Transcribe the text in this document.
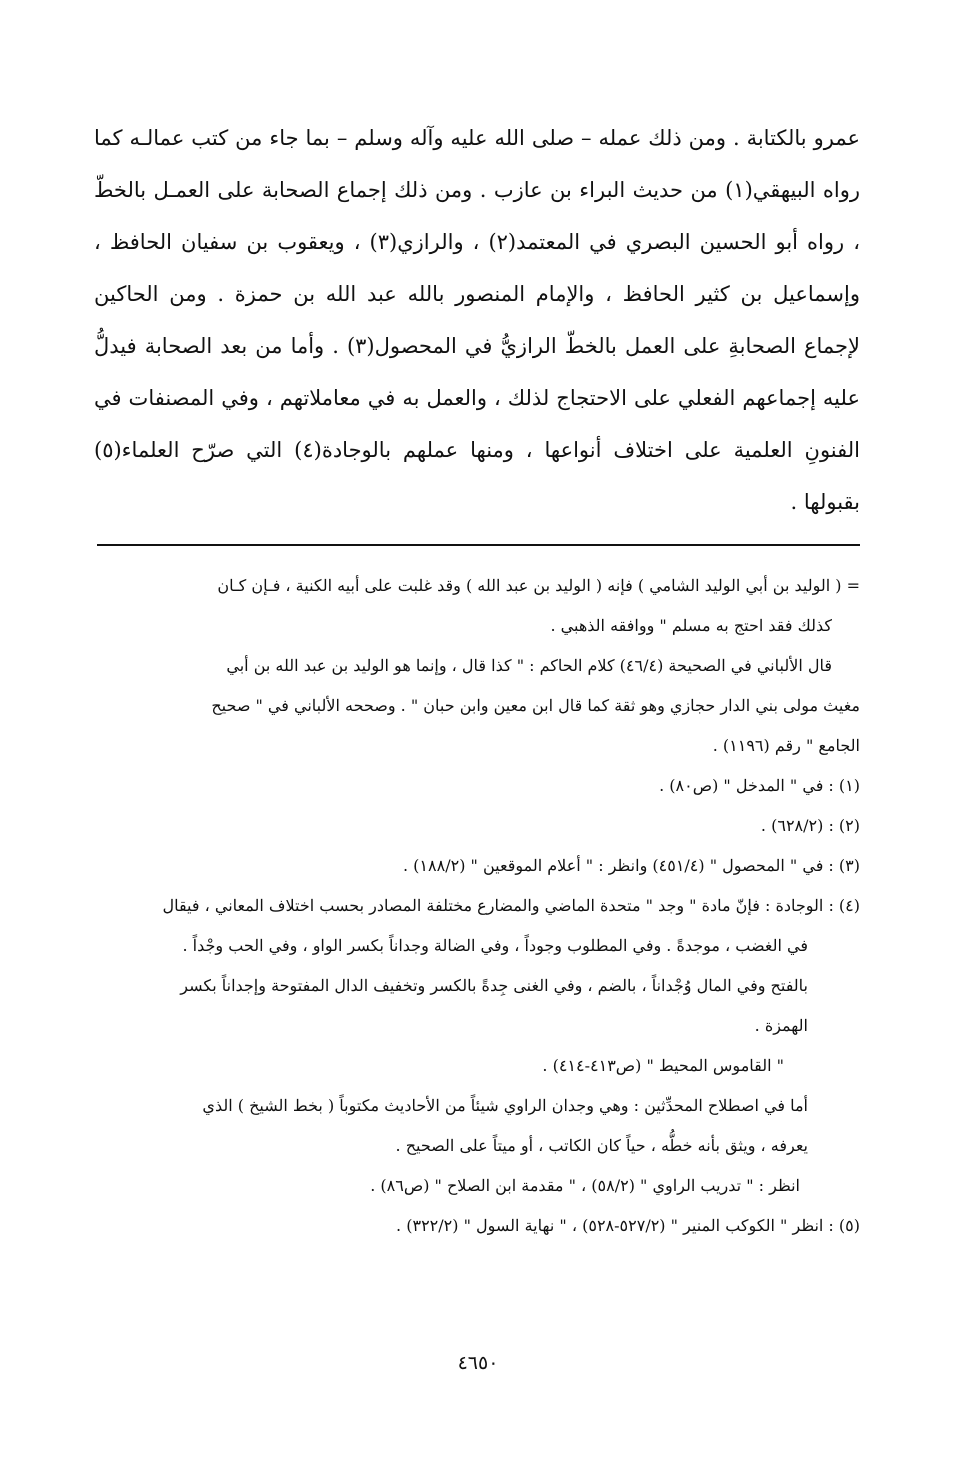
عمرو بالكتابة . ومن ذلك عمله – صلى الله عليه وآله وسلم – بما جاء من كتب عمالـه كما رواه البيهقي(١) من حديث البراء بن عازب . ومن ذلك إجماع الصحابة على العمـل بالخطّ ، رواه أبو الحسين البصري في المعتمد(٢) ، والرازي(٣) ، ويعقوب بن سفيان الحافظ ، وإسماعيل بن كثير الحافظ ، والإمام المنصور بالله عبد الله بن حمزة . ومن الحاكين لإجماع الصحابةِ على العمل بالخطّ الرازيُّ في المحصول(٣) . وأما من بعد الصحابة فيدلُّ عليه إجماعهم الفعلي على الاحتجاج لذلك ، والعمل به في معاملاتهم ، وفي المصنفات في الفنونِ العلمية على اختلاف أنواعها ، ومنها عملهم بالوجادة(٤) التي صرّح العلماء(٥) بقبولها .

= ( الوليد بن أبي الوليد الشامي ) فإنه ( الوليد بن عبد الله ) وقد غلبت على أبيه الكنية ، فـإن كـان
كذلك فقد احتج به مسلم " ووافقه الذهبي .
قال الألباني في الصحيحة (٤٦/٤) كلام الحاكم : " كذا قال ، وإنما هو الوليد بن عبد الله بن أبي
مغيث مولى بني الدار حجازي وهو ثقة كما قال ابن معين وابن حبان " . وصححه الألباني في " صحيح
الجامع " رقم (١١٩٦) .
(١) : في " المدخل " (ص٨٠) .
(٢) : (٦٢٨/٢) .
(٣) : في " المحصول " (٤٥١/٤) وانظر : " أعلام الموقعين " (١٨٨/٢) .
(٤) : الوجادة : فإنّ مادة " وجد " متحدة الماضي والمضارع مختلفة المصادر بحسب اختلاف المعاني ، فيقال
في الغضب ، موجدةً . وفي المطلوب وجوداً ، وفي الضالة وجداناً بكسر الواو ، وفي الحب وجْداً .
بالفتح وفي المال وُجْداناً ، بالضم ، وفي الغنى جِدةً بالكسر وتخفيف الدال المفتوحة وإجداناً بكسر
الهمزة .
" القاموس المحيط " (ص٤١٣-٤١٤) .
أما في اصطلاح المحدِّثين : وهي وجدان الراوي شيئاً من الأحاديث مكتوباً ( بخط الشيخ ) الذي
يعرفه ، ويثق بأنه خطُّه ، حياً كان الكاتب ، أو ميتاً على الصحيح .
انظر : " تدريب الراوي " (٥٨/٢) ، " مقدمة ابن الصلاح " (ص٨٦) .
(٥) : انظر " الكوكب المنير " (٥٢٧/٢-٥٢٨) ، " نهاية السول " (٣٢٢/٢) .
٤٦٥٠
